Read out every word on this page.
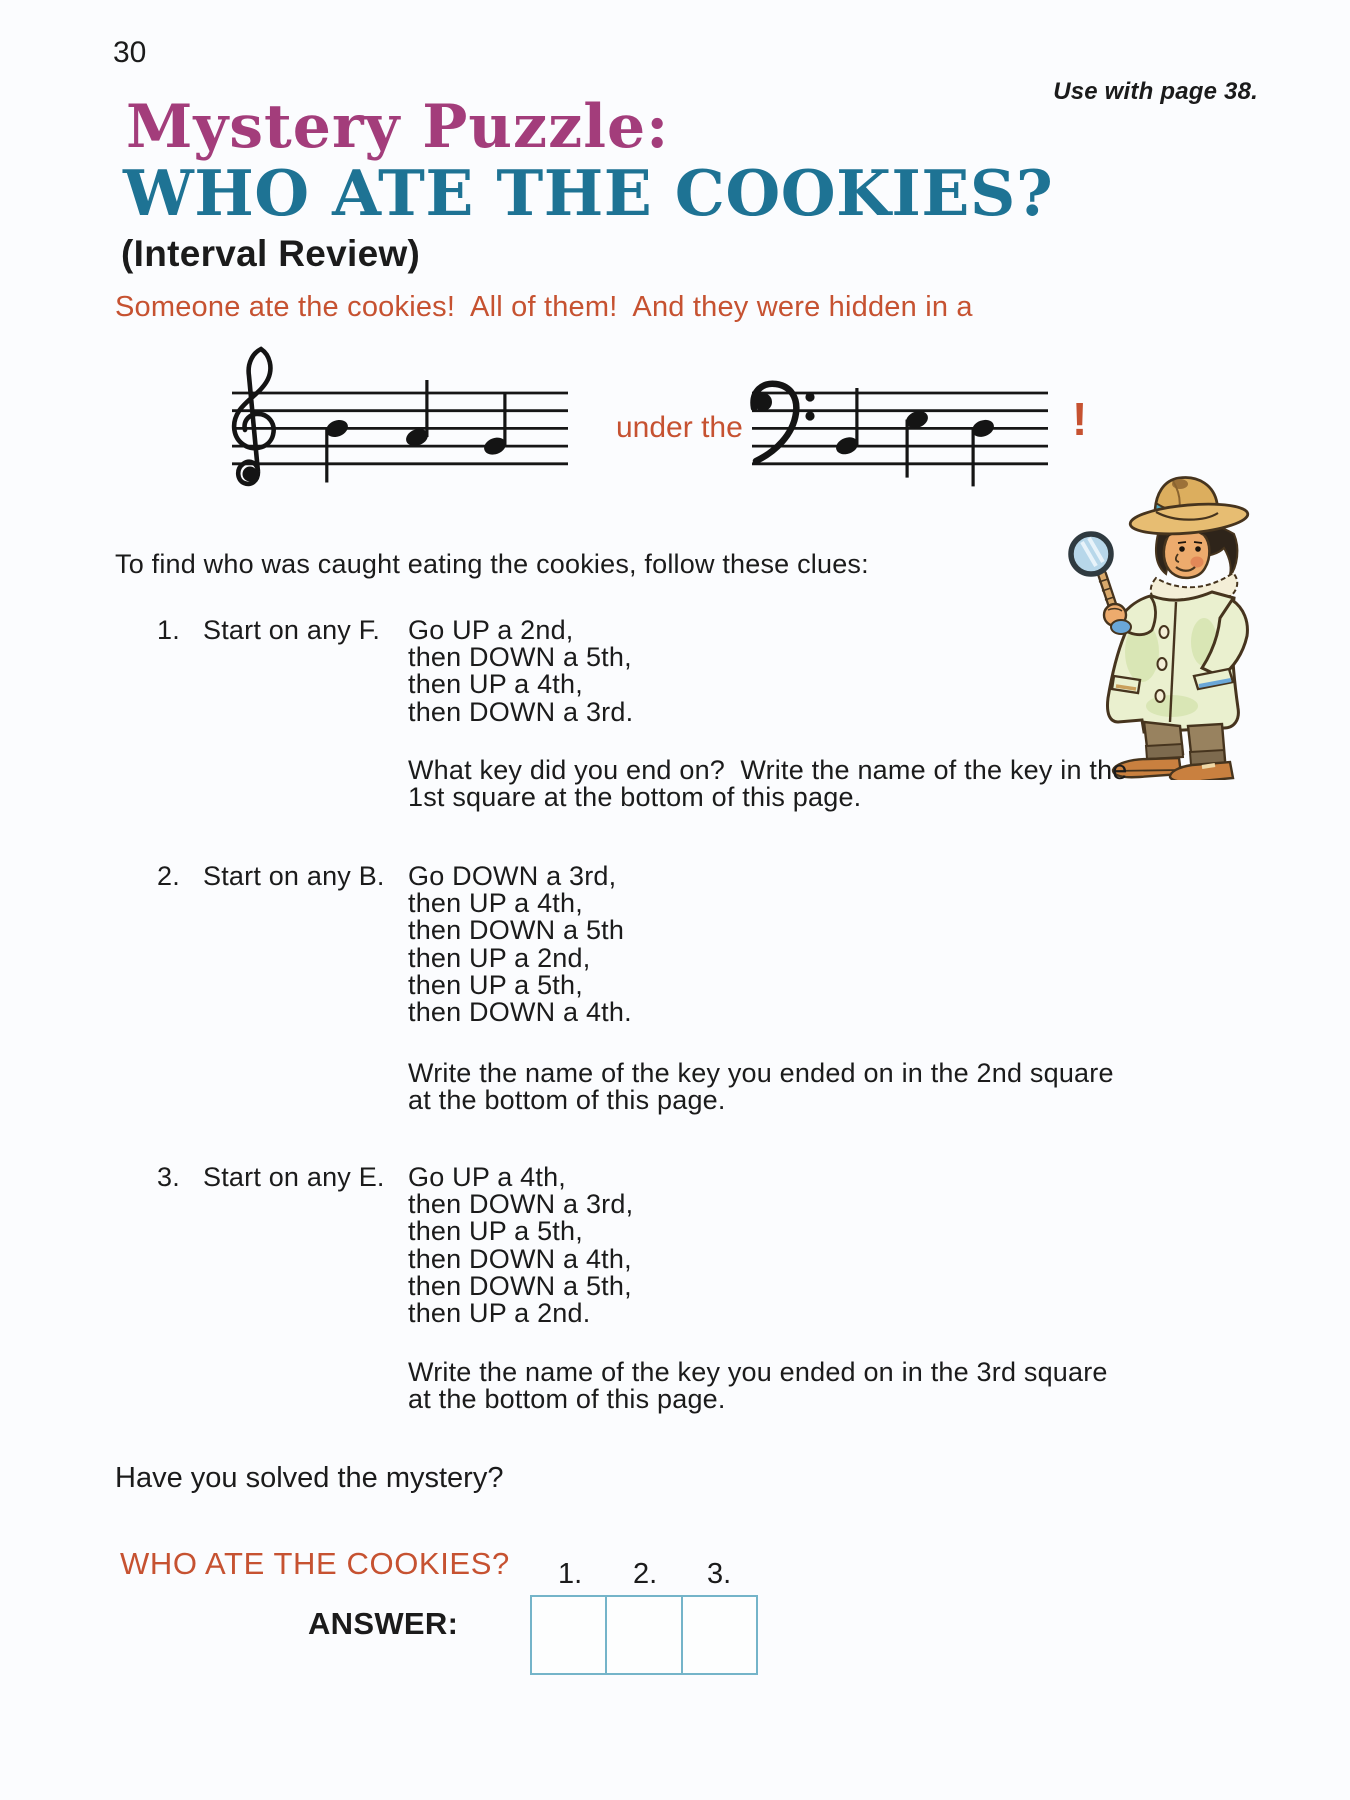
30
Use with page 38.
Mystery Puzzle:
WHO ATE THE COOKIES?
(Interval Review)
Someone ate the cookies!  All of them!  And they were hidden in a
under the	!
To find who was caught eating the cookies, follow these clues:
1. Start on any F. Go UP a 2nd,
then DOWN a 5th,
then UP a 4th,
then DOWN a 3rd.
What key did you end on?  Write the name of the key in the
1st square at the bottom of this page.
2. Start on any B. Go DOWN a 3rd,
then UP a 4th,
then DOWN a 5th
then UP a 2nd,
then UP a 5th,
then DOWN a 4th.
Write the name of the key you ended on in the 2nd square
at the bottom of this page.
3. Start on any E. Go UP a 4th,
then DOWN a 3rd,
then UP a 5th,
then DOWN a 4th,
then DOWN a 5th,
then UP a 2nd.
Write the name of the key you ended on in the 3rd square
at the bottom of this page.
Have you solved the mystery?
WHO ATE THE COOKIES?
ANSWER:
1. 2. 3.
